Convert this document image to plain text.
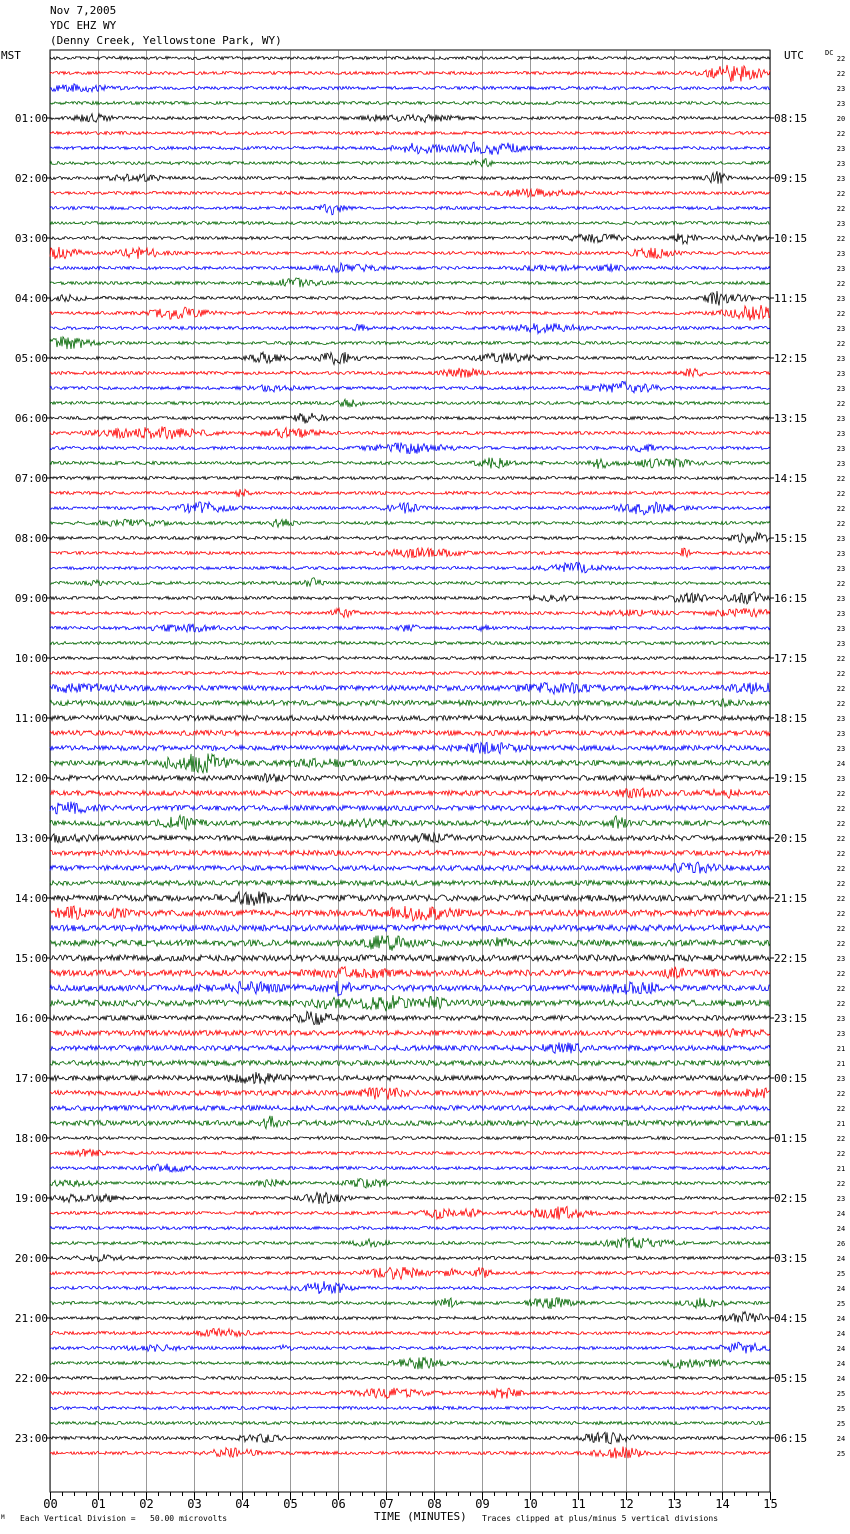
Nov 7,2005
YDC EHZ WY
(Denny Creek, Yellowstone Park, WY)
MST	UTC	DC
00	01	02	03	04	05	06	07	08	09	10	11	12	13	14	15
22
22
23
23
20
22
23
23
23
22
22
23
22
23
23
22
23
22
23
22
23
23
23
22
23
23
23
23
22
22
22
22
23
23
23
22
23
23
23
23
22
22
22
22
23
23
23
24
23
22
22
22
22
22
22
22
22
22
22
22
23
22
22
22
23
23
21
21
23
22
22
21
22
22
21
22
23
24
24
26
24
25
24
25
24
24
24
24
24
25
25
25
24
25
01:00
02:00
03:00
04:00
05:00
06:00
07:00
08:00
09:00
10:00
11:00
12:00
13:00
14:00
15:00
16:00
17:00
18:00
19:00
20:00
21:00
22:00
23:00
08:15
09:15
10:15
11:15
12:15
13:15
14:15
15:15
16:15
17:15
18:15
19:15
20:15
21:15
22:15
23:15
00:15
01:15
02:15
03:15
04:15
05:15
06:15
M Each Vertical Division =   50.00 microvolts	TIME (MINUTES) Traces clipped at plus/minus 5 vertical divisions
